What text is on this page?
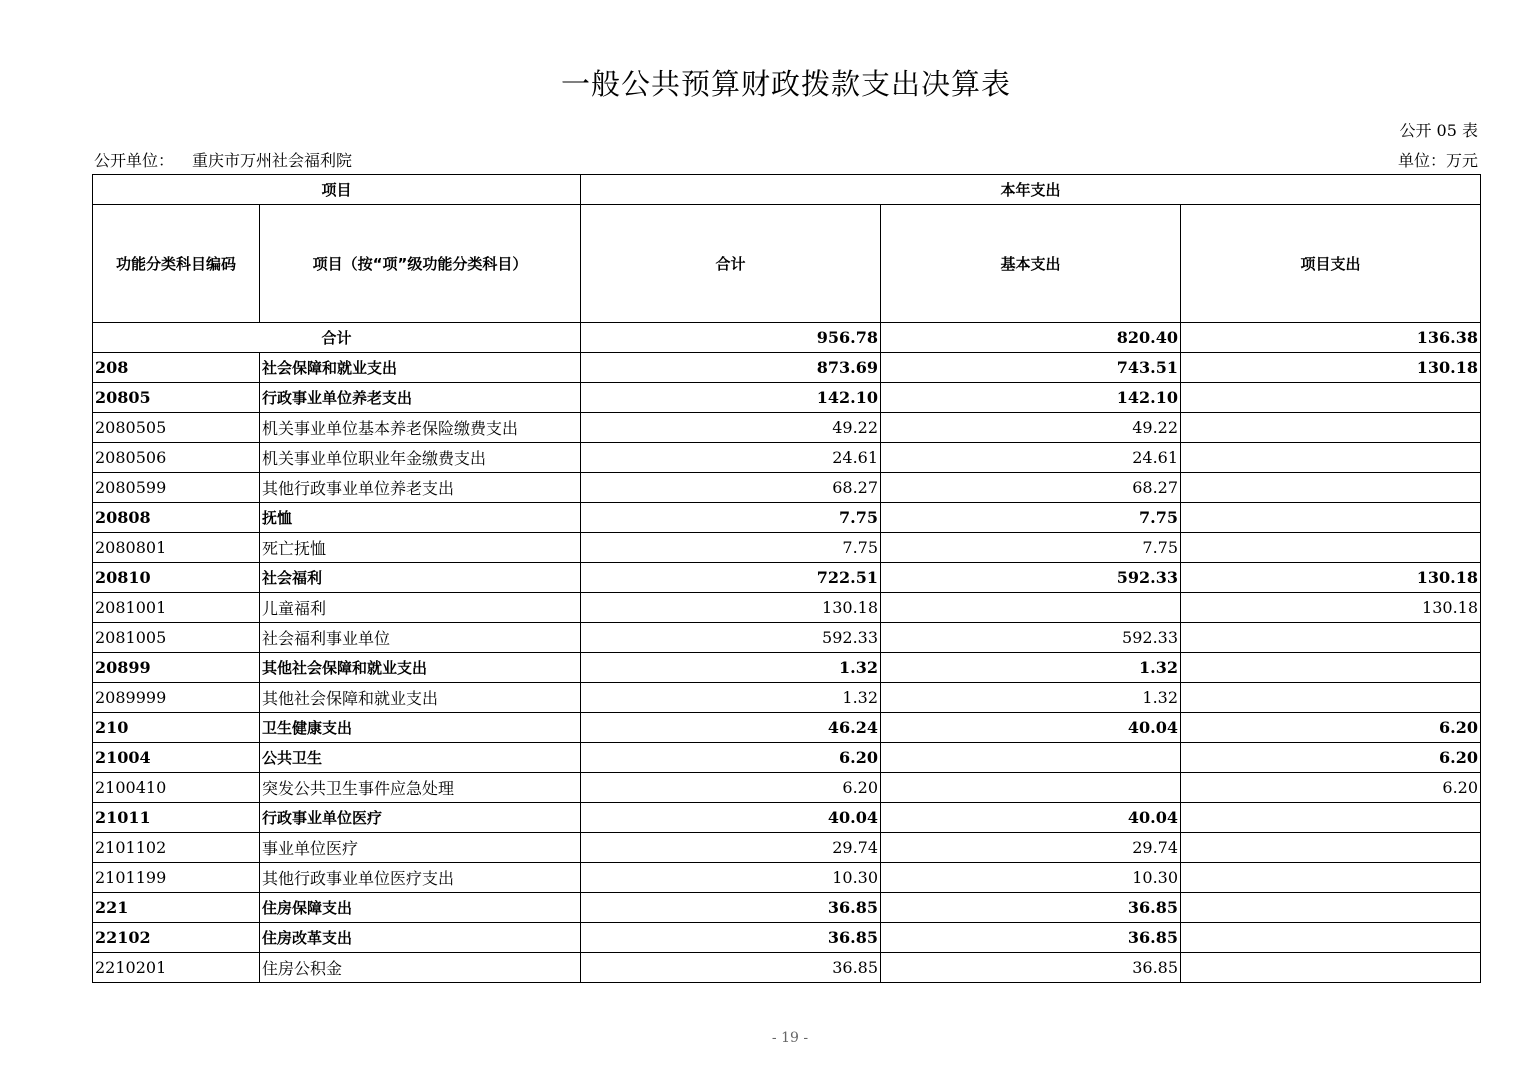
一般公共预算财政拨款支出决算表
公开 05 表
公开单位： 重庆市万州社会福利院	单位：万元
项目		本年支出		
功能分类科目编码	项目（按“项”级功能分类科目）	合计	基本支出	项目支出
合计		956.78	820.40	136.38
208	社会保障和就业支出	873.69	743.51	130.18
20805	行政事业单位养老支出	142.10	142.10	
2080505	机关事业单位基本养老保险缴费支出	49.22	49.22	
2080506	机关事业单位职业年金缴费支出	24.61	24.61	
2080599	其他行政事业单位养老支出	68.27	68.27	
20808	抚恤	7.75	7.75	
2080801	死亡抚恤	7.75	7.75	
20810	社会福利	722.51	592.33	130.18
2081001	儿童福利	130.18		130.18
2081005	社会福利事业单位	592.33	592.33	
20899	其他社会保障和就业支出	1.32	1.32	
2089999	其他社会保障和就业支出	1.32	1.32	
210	卫生健康支出	46.24	40.04	6.20
21004	公共卫生	6.20		6.20
2100410	突发公共卫生事件应急处理	6.20		6.20
21011	行政事业单位医疗	40.04	40.04	
2101102	事业单位医疗	29.74	29.74	
2101199	其他行政事业单位医疗支出	10.30	10.30	
221	住房保障支出	36.85	36.85	
22102	住房改革支出	36.85	36.85	
2210201	住房公积金	36.85	36.85	
- 19 -
